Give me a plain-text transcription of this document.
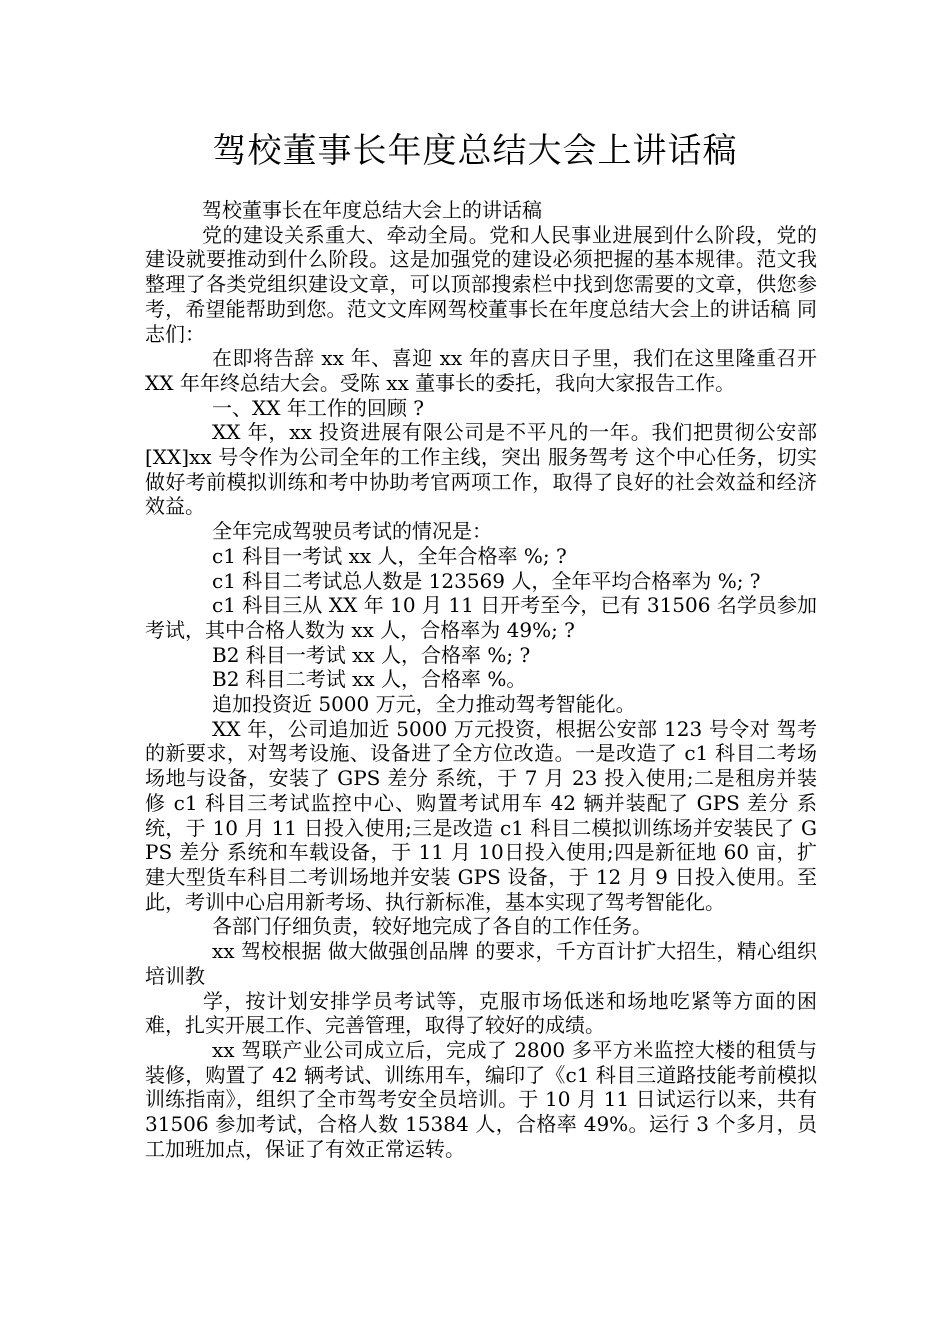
驾校董事长年度总结大会上讲话稿

驾校董事长在年度总结大会上的讲话稿

党的建设关系重大、牵动全局。党和人民事业进展到什么阶段，党的建设就要推动到什么阶段。这是加强党的建设必须把握的基本规律。范文我整理了各类党组织建设文章，可以顶部搜索栏中找到您需要的文章，供您参考，希望能帮助到您。范文文库网驾校董事长在年度总结大会上的讲话稿 同志们：

在即将告辞 xx 年、喜迎 xx 年的喜庆日子里，我们在这里隆重召开 XX 年年终总结大会。受陈 xx 董事长的委托，我向大家报告工作。

一、XX 年工作的回顾 ?

XX 年，xx 投资进展有限公司是不平凡的一年。我们把贯彻公安部[XX]xx 号令作为公司全年的工作主线，突出 服务驾考 这个中心任务，切实做好考前模拟训练和考中协助考官两项工作，取得了良好的社会效益和经济效益。

全年完成驾驶员考试的情况是：

c1 科目一考试 xx 人，全年合格率 %; ?

c1 科目二考试总人数是 123569 人，全年平均合格率为 %; ?

c1 科目三从 XX 年 10 月 11 日开考至今，已有 31506 名学员参加考试，其中合格人数为 xx 人，合格率为 49%; ?

B2 科目一考试 xx 人，合格率 %; ?

B2 科目二考试 xx 人，合格率 %。

追加投资近 5000 万元，全力推动驾考智能化。

XX 年，公司追加近 5000 万元投资，根据公安部 123 号令对 驾考 的新要求，对驾考设施、设备进了全方位改造。一是改造了 c1 科目二考场场地与设备，安装了 GPS 差分 系统，于 7 月 23 投入使用;二是租房并装修 c1 科目三考试监控中心、购置考试用车 42 辆并装配了 GPS 差分 系统，于 10 月 11 日投入使用;三是改造 c1 科目二模拟训练场并安装民了 GPS 差分 系统和车载设备，于 11 月 10日投入使用;四是新征地 60 亩，扩建大型货车科目二考训场地并安装 GPS 设备，于 12 月 9 日投入使用。至此，考训中心启用新考场、执行新标准，基本实现了驾考智能化。

各部门仔细负责，较好地完成了各自的工作任务。

xx 驾校根据 做大做强创品牌 的要求，千方百计扩大招生，精心组织培训教

学，按计划安排学员考试等，克服市场低迷和场地吃紧等方面的困难，扎实开展工作、完善管理，取得了较好的成绩。

xx 驾联产业公司成立后，完成了 2800 多平方米监控大楼的租赁与装修，购置了 42 辆考试、训练用车，编印了《c1 科目三道路技能考前模拟训练指南》，组织了全市驾考安全员培训。于 10 月 11 日试运行以来，共有 31506 参加考试，合格人数 15384 人，合格率 49%。运行 3 个多月，员工加班加点，保证了有效正常运转。
